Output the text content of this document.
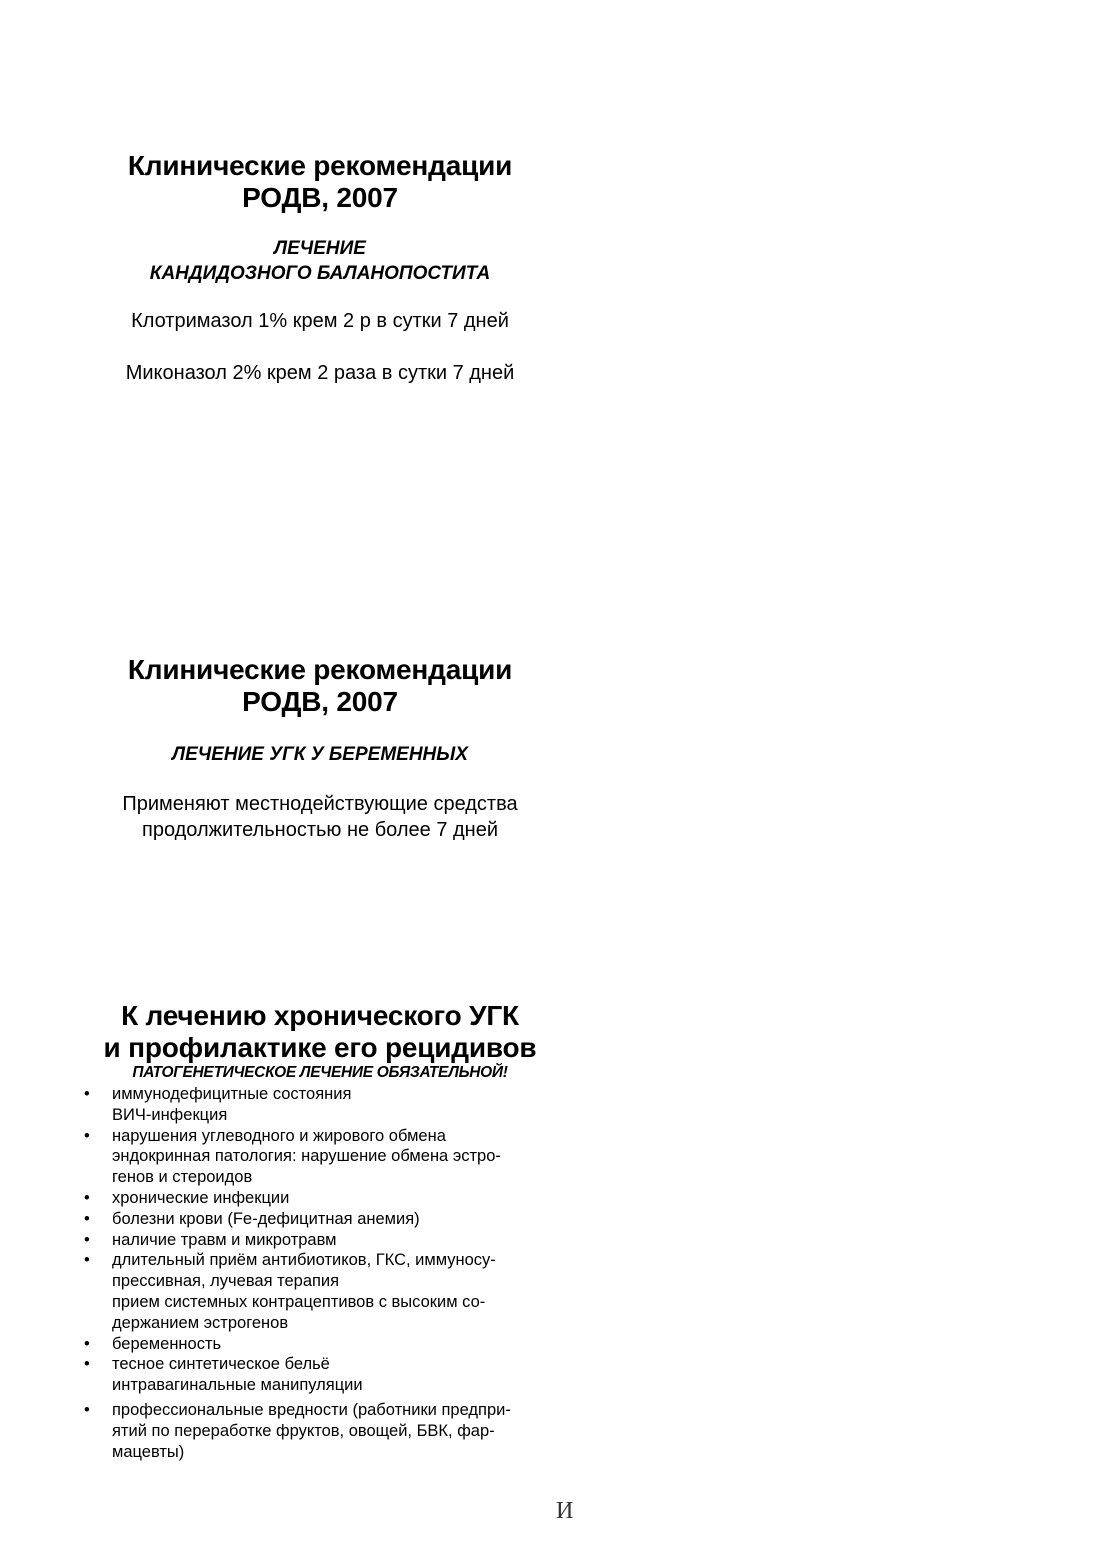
Клинические рекомендации
РОДВ, 2007
ЛЕЧЕНИЕ
КАНДИДОЗНОГО БАЛАНОПОСТИТА

Клотримазол 1% крем 2 р в сутки 7 дней

Миконазол 2% крем 2 раза в сутки 7 дней

Клинические рекомендации
РОДВ, 2007
ЛЕЧЕНИЕ УГК У БЕРЕМЕННЫХ

Применяют местнодействующие средства

продолжительностью не более 7 дней

К лечению хронического УГК
и профилактике его рецидивов
ПАТОГЕНЕТИЧЕСКОЕ ЛЕЧЕНИЕ ОБЯЗАТЕЛЬНОЙ!
• иммунодефицитные состояния
ВИЧ-инфекция
• нарушения углеводного и жирового обмена
эндокринная патология: нарушение обмена эстро-
генов и стероидов
• хронические инфекции
• болезни крови (Fe-дефицитная анемия)
• наличие травм и микротравм
• длительный приём антибиотиков, ГКС, иммуносу-
прессивная, лучевая терапия
прием системных контрацептивов с высоким со-
держанием эстрогенов
• беременность
• тесное синтетическое бельё
интравагинальные манипуляции
• профессиональные вредности (работники предпри-
ятий по переработке фруктов, овощей, БВК, фар-
мацевты)
И
